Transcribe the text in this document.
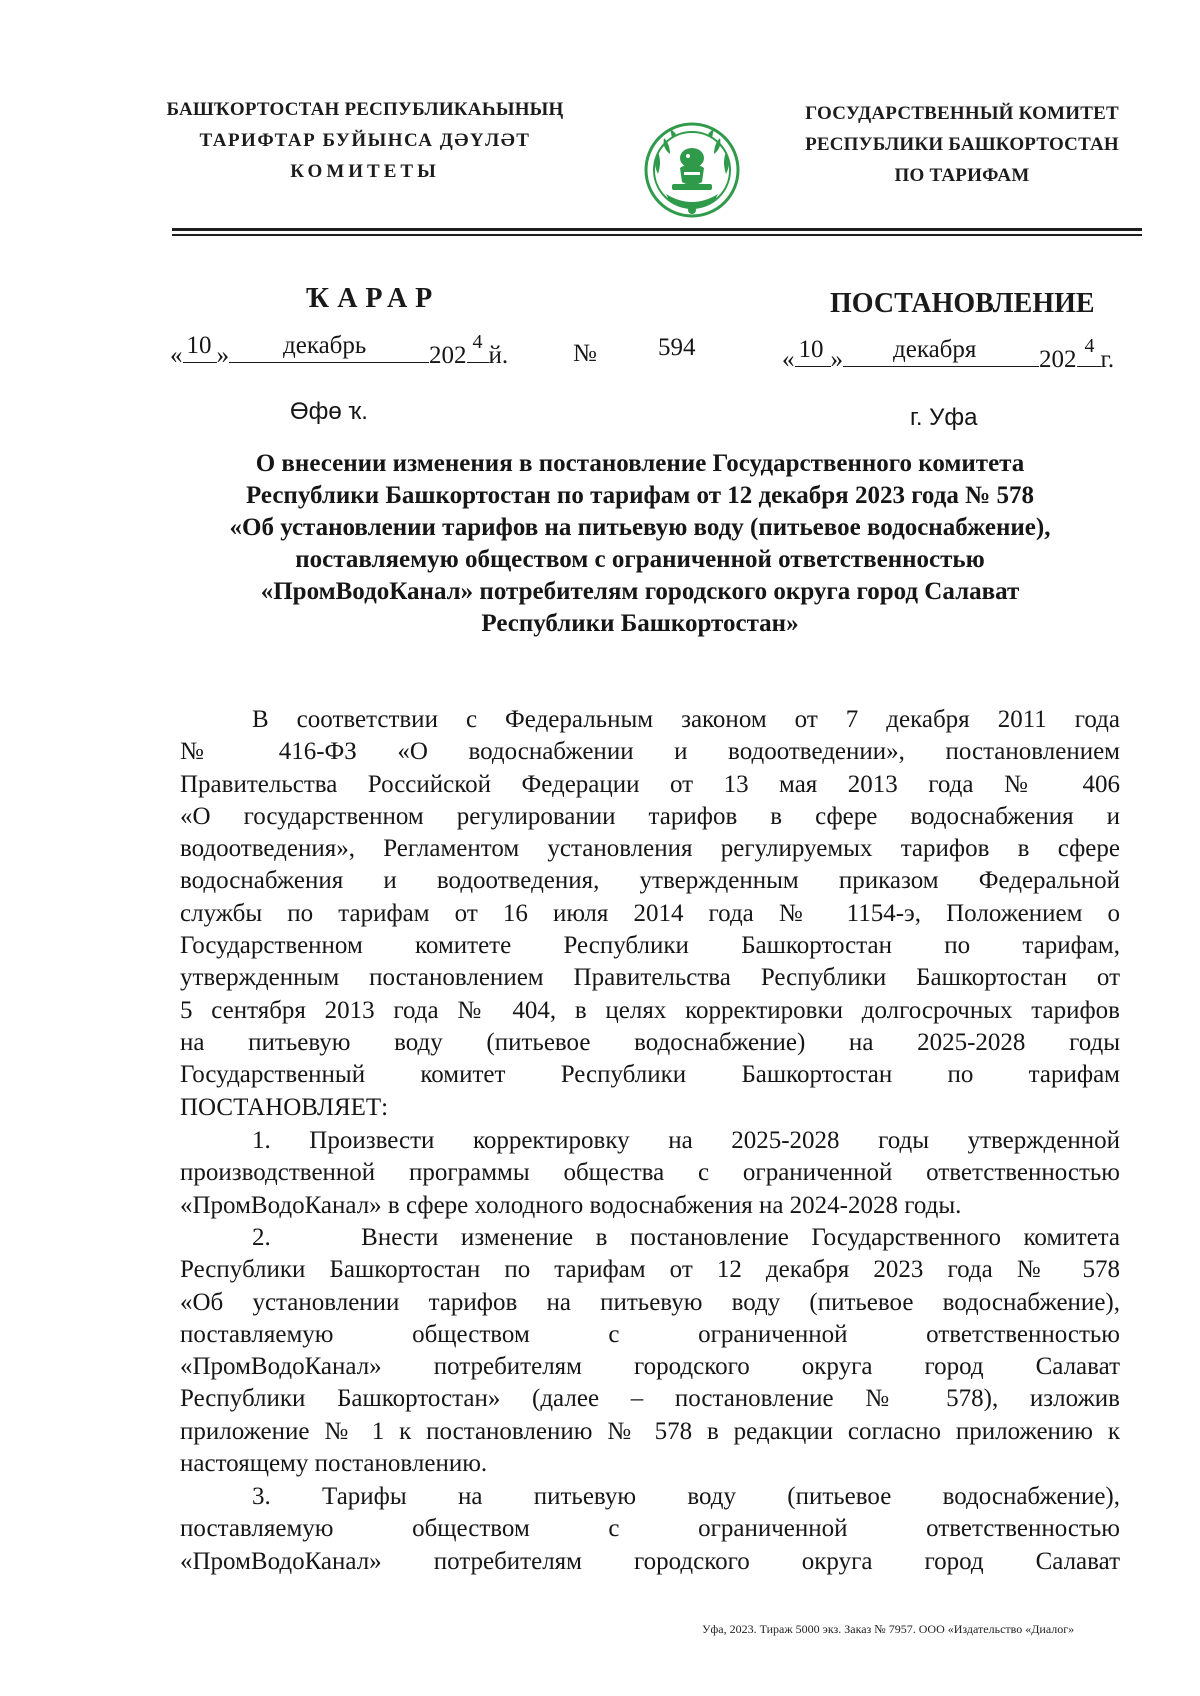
БАШҠОРТОСТАН РЕСПУБЛИКАҺЫНЫҢ
ТАРИФТАР БУЙЫНСА ДӘҮЛӘТ
КОМИТЕТЫ
ГОСУДАРСТВЕННЫЙ КОМИТЕТ
РЕСПУБЛИКИ БАШКОРТОСТАН
ПО ТАРИФАМ
ҠАРАР	ПОСТАНОВЛЕНИЕ
« 10 » декабрь	202 4 й.	№ 594	« 10 » декабря	202 4 г.
Өфө ҡ.	г. Уфа
О внесении изменения в постановление Государственного комитета
Республики Башкортостан по тарифам от 12 декабря 2023 года № 578
«Об установлении тарифов на питьевую воду (питьевое водоснабжение),
поставляемую обществом с ограниченной ответственностью
«ПромВодоКанал» потребителям городского округа город Салават
Республики Башкортостан»
В соответствии с Федеральным законом от 7 декабря 2011 года
№ 416-ФЗ «О водоснабжении и водоотведении», постановлением
Правительства Российской Федерации от 13 мая 2013 года № 406
«О государственном регулировании тарифов в сфере водоснабжения и
водоотведения», Регламентом установления регулируемых тарифов в сфере
водоснабжения и водоотведения, утвержденным приказом Федеральной
службы по тарифам от 16 июля 2014 года № 1154-э, Положением о
Государственном комитете Республики Башкортостан по тарифам,
утвержденным постановлением Правительства Республики Башкортостан от
5 сентября 2013 года № 404, в целях корректировки долгосрочных тарифов
на питьевую воду (питьевое водоснабжение) на 2025-2028 годы
Государственный комитет Республики Башкортостан по тарифам
ПОСТАНОВЛЯЕТ:
1. Произвести корректировку на 2025-2028 годы утвержденной
производственной программы общества с ограниченной ответственностью
«ПромВодоКанал» в сфере холодного водоснабжения на 2024-2028 годы.
2.    Внести изменение в постановление Государственного комитета
Республики Башкортостан по тарифам от 12 декабря 2023 года № 578
«Об установлении тарифов на питьевую воду (питьевое водоснабжение),
поставляемую обществом с ограниченной ответственностью
«ПромВодоКанал» потребителям городского округа город Салават
Республики Башкортостан» (далее – постановление № 578), изложив
приложение № 1 к постановлению № 578 в редакции согласно приложению к
настоящему постановлению.
3. Тарифы на питьевую воду (питьевое водоснабжение),
поставляемую обществом с ограниченной ответственностью
«ПромВодоКанал» потребителям городского округа город Салават
Уфа, 2023. Тираж 5000 экз. Заказ № 7957. ООО «Издательство «Диалог»
